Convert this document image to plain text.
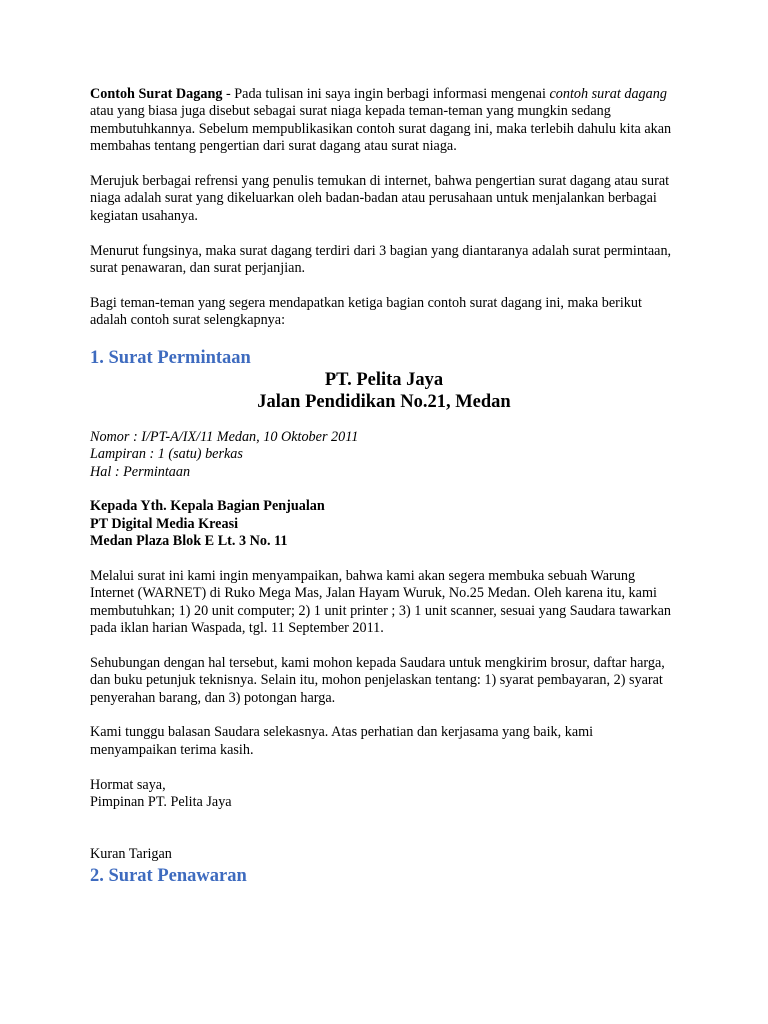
Contoh Surat Dagang - Pada tulisan ini saya ingin berbagi informasi mengenai contoh surat dagang atau yang biasa juga disebut sebagai surat niaga kepada teman-teman yang mungkin sedang membutuhkannya. Sebelum mempublikasikan contoh surat dagang ini, maka terlebih dahulu kita akan membahas tentang pengertian dari surat dagang atau surat niaga.

Merujuk berbagai refrensi yang penulis temukan di internet, bahwa pengertian surat dagang atau surat niaga adalah surat yang dikeluarkan oleh badan-badan atau perusahaan untuk menjalankan berbagai kegiatan usahanya.

Menurut fungsinya, maka surat dagang terdiri dari 3 bagian yang diantaranya adalah surat permintaan, surat penawaran, dan surat perjanjian.

Bagi teman-teman yang segera mendapatkan ketiga bagian contoh surat dagang ini, maka berikut adalah contoh surat selengkapnya:

1. Surat Permintaan
PT. Pelita Jaya
Jalan Pendidikan No.21, Medan

Nomor : I/PT-A/IX/11 Medan, 10 Oktober 2011

Lampiran : 1 (satu) berkas

Hal : Permintaan

Kepada Yth. Kepala Bagian Penjualan

PT Digital Media Kreasi

Medan Plaza Blok E Lt. 3 No. 11

Melalui surat ini kami ingin menyampaikan, bahwa kami akan segera membuka sebuah Warung Internet (WARNET) di Ruko Mega Mas, Jalan Hayam Wuruk, No.25 Medan. Oleh karena itu, kami membutuhkan; 1) 20 unit computer; 2) 1 unit printer ; 3) 1 unit scanner, sesuai yang Saudara tawarkan pada iklan harian Waspada, tgl. 11 September 2011.

Sehubungan dengan hal tersebut, kami mohon kepada Saudara untuk mengkirim brosur, daftar harga, dan buku petunjuk teknisnya. Selain itu, mohon penjelaskan tentang: 1) syarat pembayaran, 2) syarat penyerahan barang, dan 3) potongan harga.

Kami tunggu balasan Saudara selekasnya. Atas perhatian dan kerjasama yang baik, kami menyampaikan terima kasih.

Hormat saya,

Pimpinan PT. Pelita Jaya

Kuran Tarigan

2. Surat Penawaran
